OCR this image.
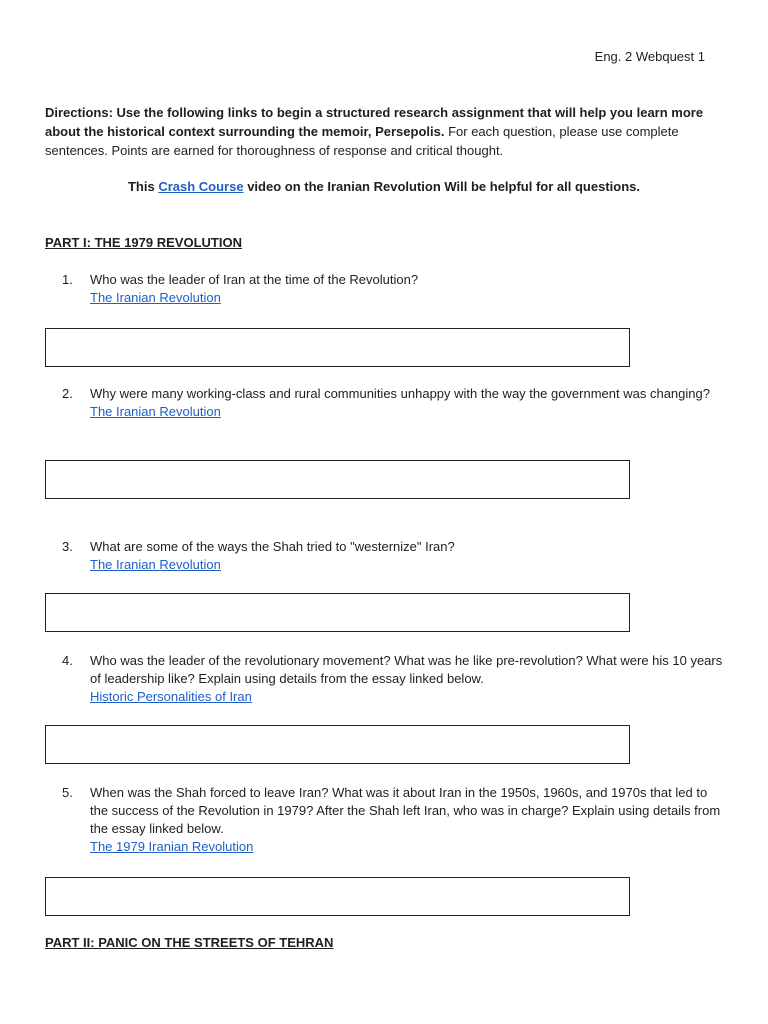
Eng. 2 Webquest 1
Directions: Use the following links to begin a structured research assignment that will help you learn more about the historical context surrounding the memoir, Persepolis. For each question, please use complete sentences. Points are earned for thoroughness of response and critical thought.
This Crash Course video on the Iranian Revolution Will be helpful for all questions.
PART I: THE 1979 REVOLUTION
1.	Who was the leader of Iran at the time of the Revolution?
The Iranian Revolution
2.	Why were many working-class and rural communities unhappy with the way the government was changing?
The Iranian Revolution
3.	What are some of the ways the Shah tried to "westernize" Iran?
The Iranian Revolution
4.	Who was the leader of the revolutionary movement? What was he like pre-revolution? What were his 10 years of leadership like? Explain using details from the essay linked below.
Historic Personalities of Iran
5.	When was the Shah forced to leave Iran? What was it about Iran in the 1950s, 1960s, and 1970s that led to the success of the Revolution in 1979? After the Shah left Iran, who was in charge? Explain using details from the essay linked below.
The 1979 Iranian Revolution
PART II: PANIC ON THE STREETS OF TEHRAN
